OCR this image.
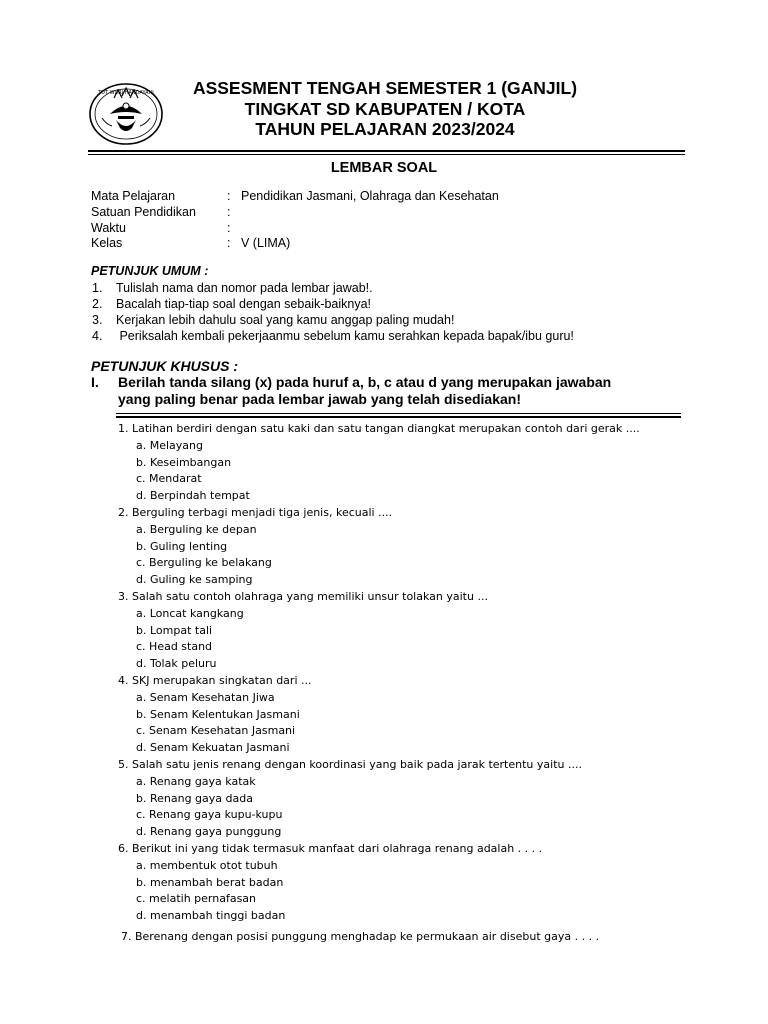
TUT WURI HANDAYANI	ASSESMENT TENGAH SEMESTER 1 (GANJIL)
TINGKAT SD KABUPATEN / KOTA
TAHUN PELAJARAN 2023/2024
LEMBAR SOAL
Mata Pelajaran	: Pendidikan Jasmani, Olahraga dan Kesehatan
Satuan Pendidikan	:
Waktu	:
Kelas	: V (LIMA)
PETUNJUK UMUM :
1.	Tulislah nama dan nomor pada lembar jawab!.
2.	Bacalah tiap-tiap soal dengan sebaik-baiknya!
3.	Kerjakan lebih dahulu soal yang kamu anggap paling mudah!
4.	Periksalah kembali pekerjaanmu sebelum kamu serahkan kepada bapak/ibu guru!
PETUNJUK KHUSUS :
I.	Berilah tanda silang (x) pada huruf a, b, c atau d yang merupakan jawaban
yang paling benar pada lembar jawab yang telah disediakan!
1. Latihan berdiri dengan satu kaki dan satu tangan diangkat merupakan contoh dari gerak ....
a. Melayang
b. Keseimbangan
c. Mendarat
d. Berpindah tempat
2. Berguling terbagi menjadi tiga jenis, kecuali ....
a. Berguling ke depan
b. Guling lenting
c. Berguling ke belakang
d. Guling ke samping
3. Salah satu contoh olahraga yang memiliki unsur tolakan yaitu ...
a. Loncat kangkang
b. Lompat tali
c. Head stand
d. Tolak peluru
4. SKJ merupakan singkatan dari ...
a. Senam Kesehatan Jiwa
b. Senam Kelentukan Jasmani
c. Senam Kesehatan Jasmani
d. Senam Kekuatan Jasmani
5. Salah satu jenis renang dengan koordinasi yang baik pada jarak tertentu yaitu ....
a. Renang gaya katak
b. Renang gaya dada
c. Renang gaya kupu-kupu
d. Renang gaya punggung
6. Berikut ini yang tidak termasuk manfaat dari olahraga renang adalah . . . .
a. membentuk otot tubuh
b. menambah berat badan
c. melatih pernafasan
d. menambah tinggi badan
7. Berenang dengan posisi punggung menghadap ke permukaan air disebut gaya . . . .
